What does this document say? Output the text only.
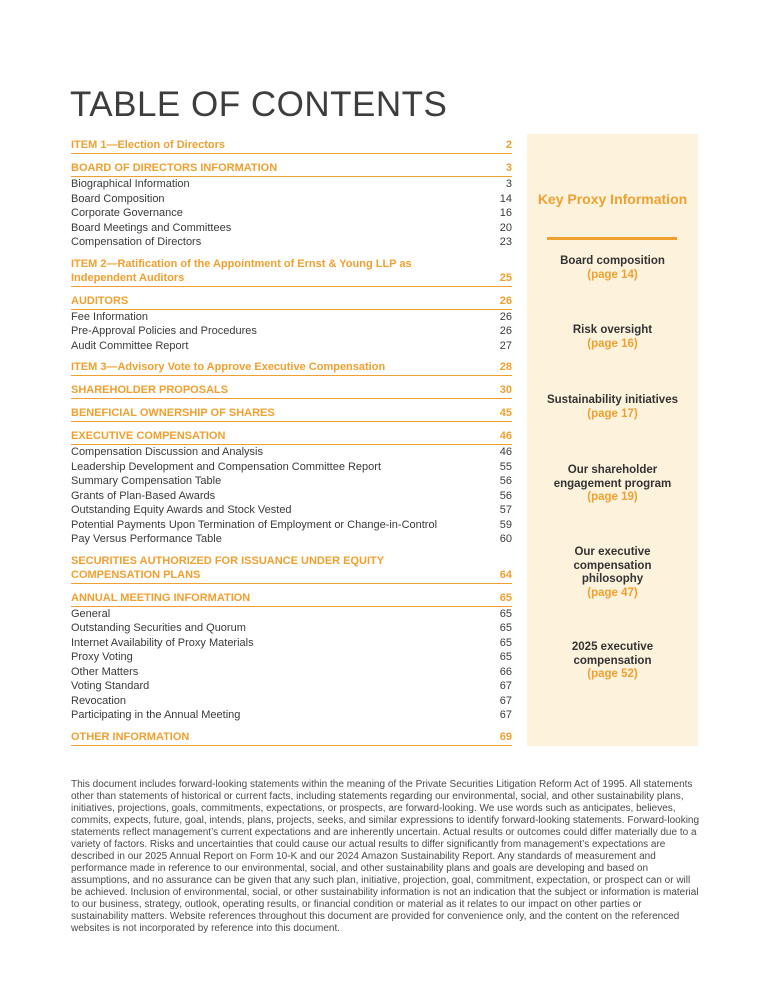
TABLE OF CONTENTS
ITEM 1—Election of Directors	2
BOARD OF DIRECTORS INFORMATION	3
Biographical Information	3
Board Composition	14
Corporate Governance	16
Board Meetings and Committees	20
Compensation of Directors	23
ITEM 2—Ratification of the Appointment of Ernst & Young LLP as Independent Auditors	25
AUDITORS	26
Fee Information	26
Pre-Approval Policies and Procedures	26
Audit Committee Report	27
ITEM 3—Advisory Vote to Approve Executive Compensation	28
SHAREHOLDER PROPOSALS	30
BENEFICIAL OWNERSHIP OF SHARES	45
EXECUTIVE COMPENSATION	46
Compensation Discussion and Analysis	46
Leadership Development and Compensation Committee Report	55
Summary Compensation Table	56
Grants of Plan-Based Awards	56
Outstanding Equity Awards and Stock Vested	57
Potential Payments Upon Termination of Employment or Change-in-Control	59
Pay Versus Performance Table	60
SECURITIES AUTHORIZED FOR ISSUANCE UNDER EQUITY COMPENSATION PLANS	64
ANNUAL MEETING INFORMATION	65
General	65
Outstanding Securities and Quorum	65
Internet Availability of Proxy Materials	65
Proxy Voting	65
Other Matters	66
Voting Standard	67
Revocation	67
Participating in the Annual Meeting	67
OTHER INFORMATION	69
Key Proxy Information
Board composition
(page 14)
Risk oversight
(page 16)
Sustainability initiatives
(page 17)
Our shareholder engagement program
(page 19)
Our executive compensation philosophy
(page 47)
2025 executive compensation
(page 52)

This document includes forward-looking statements within the meaning of the Private Securities Litigation Reform Act of 1995. All statements other than statements of historical or current facts, including statements regarding our environmental, social, and other sustainability plans, initiatives, projections, goals, commitments, expectations, or prospects, are forward-looking. We use words such as anticipates, believes, commits, expects, future, goal, intends, plans, projects, seeks, and similar expressions to identify forward-looking statements. Forward-looking statements reflect management’s current expectations and are inherently uncertain. Actual results or outcomes could differ materially due to a variety of factors. Risks and uncertainties that could cause our actual results to differ significantly from management’s expectations are described in our 2025 Annual Report on Form 10-K and our 2024 Amazon Sustainability Report. Any standards of measurement and performance made in reference to our environmental, social, and other sustainability plans and goals are developing and based on assumptions, and no assurance can be given that any such plan, initiative, projection, goal, commitment, expectation, or prospect can or will be achieved. Inclusion of environmental, social, or other sustainability information is not an indication that the subject or information is material to our business, strategy, outlook, operating results, or financial condition or material as it relates to our impact on other parties or sustainability matters. Website references throughout this document are provided for convenience only, and the content on the referenced websites is not incorporated by reference into this document.
